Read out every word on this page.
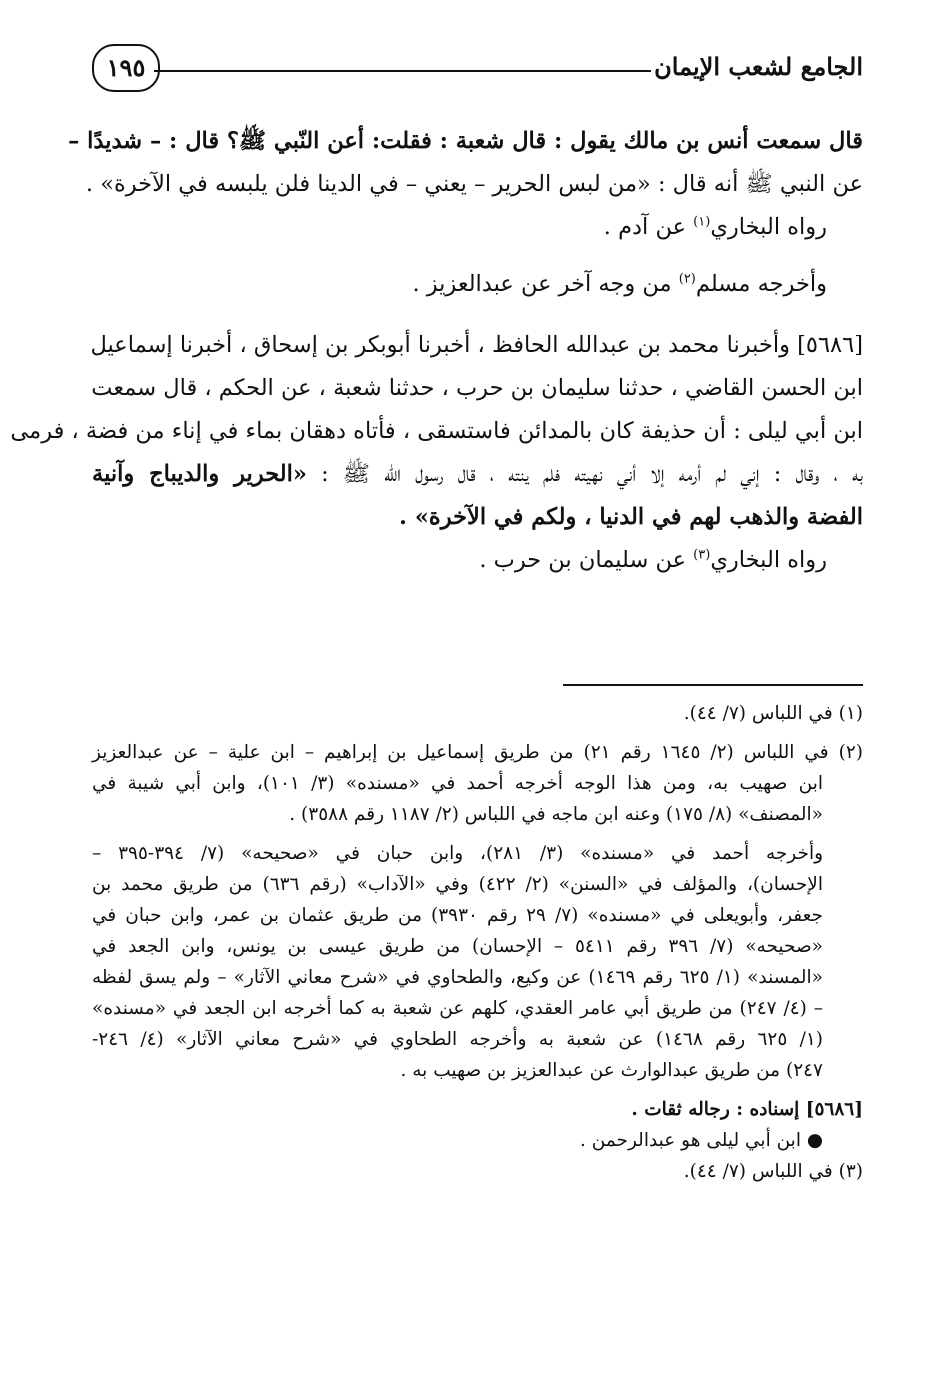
الجامع لشعب الإيمان
١٩٥
قال سمعت أنس بن مالك يقول : قال شعبة : فقلت: أعن النّبي ﷺ؟ قال : – شديدًا –
عن النبي ﷺ أنه قال : «من لبس الحرير – يعني – في الدينا فلن يلبسه في الآخرة» .
رواه البخاري$^{(١)}$ عن آدم .
وأخرجه مسلم$^{(٢)}$ من وجه آخر عن عبدالعزيز .
[٥٦٨٦] وأخبرنا محمد بن عبدالله الحافظ ، أخبرنا أبوبكر بن إسحاق ، أخبرنا إسماعيل
ابن الحسن القاضي ، حدثنا سليمان بن حرب ، حدثنا شعبة ، عن الحكم ، قال سمعت
ابن أبي ليلى : أن حذيفة كان بالمدائن فاستسقى ، فأتاه دهقان بماء في إناء من فضة ، فرمى
به ، وقال : إني لم أرمه إلا أني نهيته فلم ينته ، قال رسول الله ﷺ : «الحرير والديباج وآنية
الفضة والذهب لهم في الدنيا ، ولكم في الآخرة» .
رواه البخاري$^{(٣)}$ عن سليمان بن حرب .
(١) في اللباس (٧/ ٤٤).
(٢) في اللباس (٢/ ١٦٤٥ رقم ٢١) من طريق إسماعيل بن إبراهيم – ابن علية – عن عبدالعزيز
ابن صهيب به، ومن هذا الوجه أخرجه أحمد في «مسنده» (٣/ ١٠١)، وابن أبي شيبة في
«المصنف» (٨/ ١٧٥) وعنه ابن ماجه في اللباس (٢/ ١١٨٧ رقم ٣٥٨٨) .
وأخرجه أحمد في «مسنده» (٣/ ٢٨١)، وابن حبان في «صحيحه» (٧/ ٣٩٤-٣٩٥ –
الإحسان)، والمؤلف في «السنن» (٢/ ٤٢٢) وفي «الآداب» (رقم ٦٣٦) من طريق محمد بن
جعفر، وأبويعلى في «مسنده» (٧/ ٢٩ رقم ٣٩٣٠) من طريق عثمان بن عمر، وابن حبان في
«صحيحه» (٧/ ٣٩٦ رقم ٥٤١١ – الإحسان) من طريق عيسى بن يونس، وابن الجعد في
«المسند» (١/ ٦٢٥ رقم ١٤٦٩) عن وكيع، والطحاوي في «شرح معاني الآثار» – ولم يسق لفظه
– (٤/ ٢٤٧) من طريق أبي عامر العقدي، كلهم عن شعبة به كما أخرجه ابن الجعد في «مسنده»
(١/ ٦٢٥ رقم ١٤٦٨) عن شعبة به وأخرجه الطحاوي في «شرح معاني الآثار» (٤/ ٢٤٦-
٢٤٧) من طريق عبدالوارث عن عبدالعزيز بن صهيب به .
[٥٦٨٦] إسناده : رجاله ثقات .
● ابن أبي ليلى هو عبدالرحمن .
(٣) في اللباس (٧/ ٤٤).
